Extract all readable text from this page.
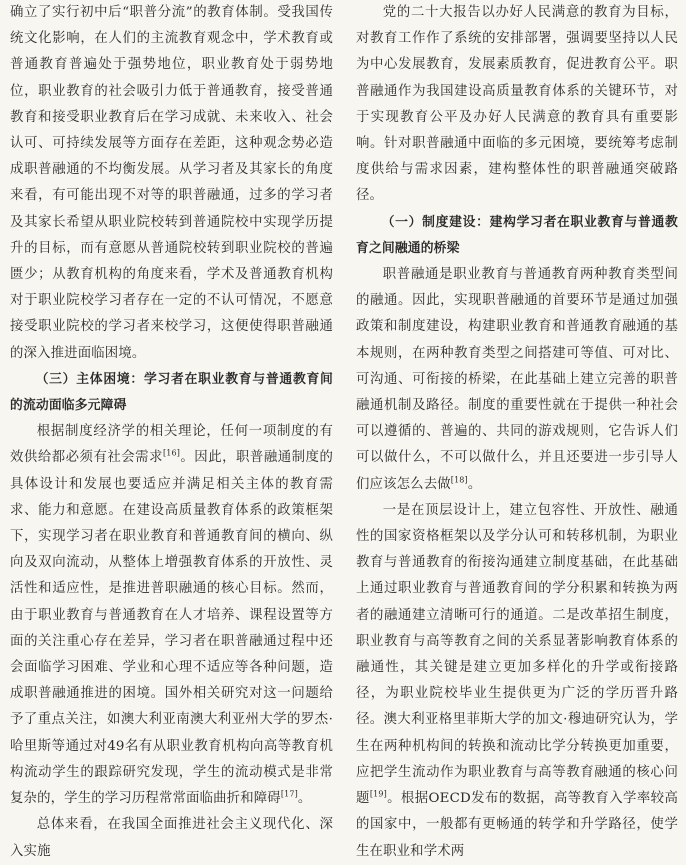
确立了实行初中后“职普分流”的教育体制。受我国传统文化影响，在人们的主流教育观念中，学术教育或普通教育普遍处于强势地位，职业教育处于弱势地位，职业教育的社会吸引力低于普通教育，接受普通教育和接受职业教育后在学习成就、未来收入、社会认可、可持续发展等方面存在差距，这种观念势必造成职普融通的不均衡发展。从学习者及其家长的角度来看，有可能出现不对等的职普融通，过多的学习者及其家长希望从职业院校转到普通院校中实现学历提升的目标，而有意愿从普通院校转到职业院校的普遍匮少；从教育机构的角度来看，学术及普通教育机构对于职业院校学习者存在一定的不认可情况，不愿意接受职业院校的学习者来校学习，这便使得职普融通的深入推进面临困境。

（三）主体困境：学习者在职业教育与普通教育间的流动面临多元障碍

根据制度经济学的相关理论，任何一项制度的有效供给都必须有社会需求[16]。因此，职普融通制度的具体设计和发展也要适应并满足相关主体的教育需求、能力和意愿。在建设高质量教育体系的政策框架下，实现学习者在职业教育和普通教育间的横向、纵向及双向流动，从整体上增强教育体系的开放性、灵活性和适应性，是推进普职融通的核心目标。然而，由于职业教育与普通教育在人才培养、课程设置等方面的关注重心存在差异，学习者在职普融通过程中还会面临学习困难、学业和心理不适应等各种问题，造成职普融通推进的困境。国外相关研究对这一问题给予了重点关注，如澳大利亚南澳大利亚州大学的罗杰·哈里斯等通过对49名有从职业教育机构向高等教育机构流动学生的跟踪研究发现，学生的流动模式是非常复杂的，学生的学习历程常常面临曲折和障碍[17]。

总体来看，在我国全面推进社会主义现代化、深入实施

党的二十大报告以办好人民满意的教育为目标，对教育工作作了系统的安排部署，强调要坚持以人民为中心发展教育，发展素质教育，促进教育公平。职普融通作为我国建设高质量教育体系的关键环节，对于实现教育公平及办好人民满意的教育具有重要影响。针对职普融通中面临的多元困境，要统筹考虑制度供给与需求因素，建构整体性的职普融通突破路径。

（一）制度建设：建构学习者在职业教育与普通教育之间融通的桥梁

职普融通是职业教育与普通教育两种教育类型间的融通。因此，实现职普融通的首要环节是通过加强政策和制度建设，构建职业教育和普通教育融通的基本规则，在两种教育类型之间搭建可等值、可对比、可沟通、可衔接的桥梁，在此基础上建立完善的职普融通机制及路径。制度的重要性就在于提供一种社会可以遵循的、普遍的、共同的游戏规则，它告诉人们可以做什么，不可以做什么，并且还要进一步引导人们应该怎么去做[18]。

一是在顶层设计上，建立包容性、开放性、融通性的国家资格框架以及学分认可和转移机制，为职业教育与普通教育的衔接沟通建立制度基础，在此基础上通过职业教育与普通教育间的学分积累和转换为两者的融通建立清晰可行的通道。二是改革招生制度，职业教育与高等教育之间的关系显著影响教育体系的融通性，其关键是建立更加多样化的升学或衔接路径，为职业院校毕业生提供更为广泛的学历晋升路径。澳大利亚格里菲斯大学的加文·穆迪研究认为，学生在两种机构间的转换和流动比学分转换更加重要，应把学生流动作为职业教育与高等教育融通的核心问题[19]。根据OECD发布的数据，高等教育入学率较高的国家中，一般都有更畅通的转学和升学路径，使学生在职业和学术两
